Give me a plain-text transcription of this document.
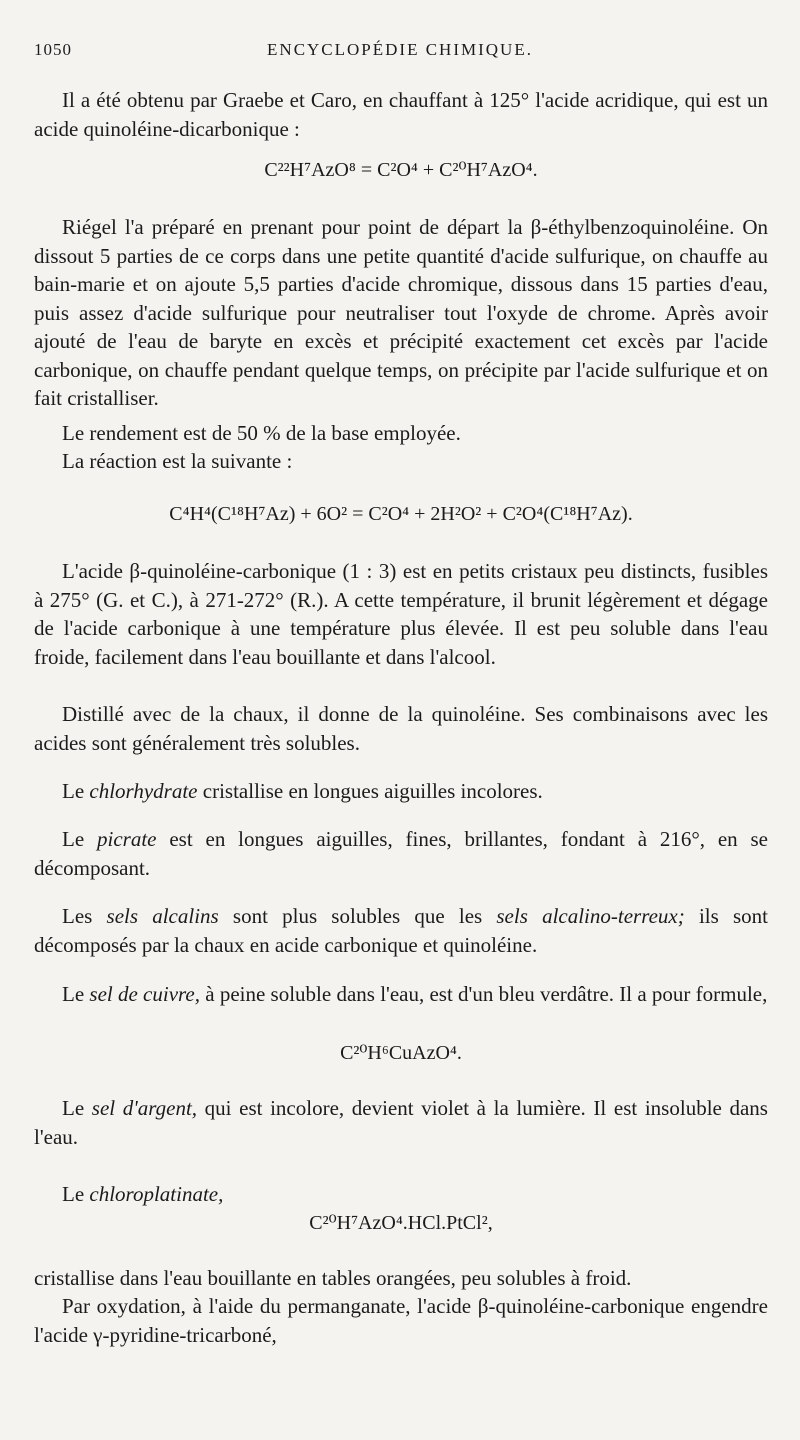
1050	ENCYCLOPÉDIE CHIMIQUE.

Il a été obtenu par Graebe et Caro, en chauffant à 125° l'acide acridique, qui est un acide quinoléine-dicarbonique :

C²²H⁷AzO⁸ = C²O⁴ + C²⁰H⁷AzO⁴.

Riégel l'a préparé en prenant pour point de départ la β-éthylbenzoquinoléine. On dissout 5 parties de ce corps dans une petite quantité d'acide sulfurique, on chauffe au bain-marie et on ajoute 5,5 parties d'acide chromique, dissous dans 15 parties d'eau, puis assez d'acide sulfurique pour neutraliser tout l'oxyde de chrome. Après avoir ajouté de l'eau de baryte en excès et précipité exactement cet excès par l'acide carbonique, on chauffe pendant quelque temps, on précipite par l'acide sulfurique et on fait cristalliser.

Le rendement est de 50 % de la base employée.

La réaction est la suivante :

C⁴H⁴(C¹⁸H⁷Az) + 6O² = C²O⁴ + 2H²O² + C²O⁴(C¹⁸H⁷Az).

L'acide β-quinoléine-carbonique (1 : 3) est en petits cristaux peu distincts, fusibles à 275° (G. et C.), à 271-272° (R.). A cette température, il brunit légèrement et dégage de l'acide carbonique à une température plus élevée. Il est peu soluble dans l'eau froide, facilement dans l'eau bouillante et dans l'alcool.

Distillé avec de la chaux, il donne de la quinoléine. Ses combinaisons avec les acides sont généralement très solubles.

Le chlorhydrate cristallise en longues aiguilles incolores.

Le picrate est en longues aiguilles, fines, brillantes, fondant à 216°, en se décomposant.

Les sels alcalins sont plus solubles que les sels alcalino-terreux; ils sont décomposés par la chaux en acide carbonique et quinoléine.

Le sel de cuivre, à peine soluble dans l'eau, est d'un bleu verdâtre. Il a pour formule,

C²⁰H⁶CuAzO⁴.

Le sel d'argent, qui est incolore, devient violet à la lumière. Il est insoluble dans l'eau.

Le chloroplatinate,

C²⁰H⁷AzO⁴.HCl.PtCl²,

cristallise dans l'eau bouillante en tables orangées, peu solubles à froid.

Par oxydation, à l'aide du permanganate, l'acide β-quinoléine-carbonique engendre l'acide γ-pyridine-tricarboné,
